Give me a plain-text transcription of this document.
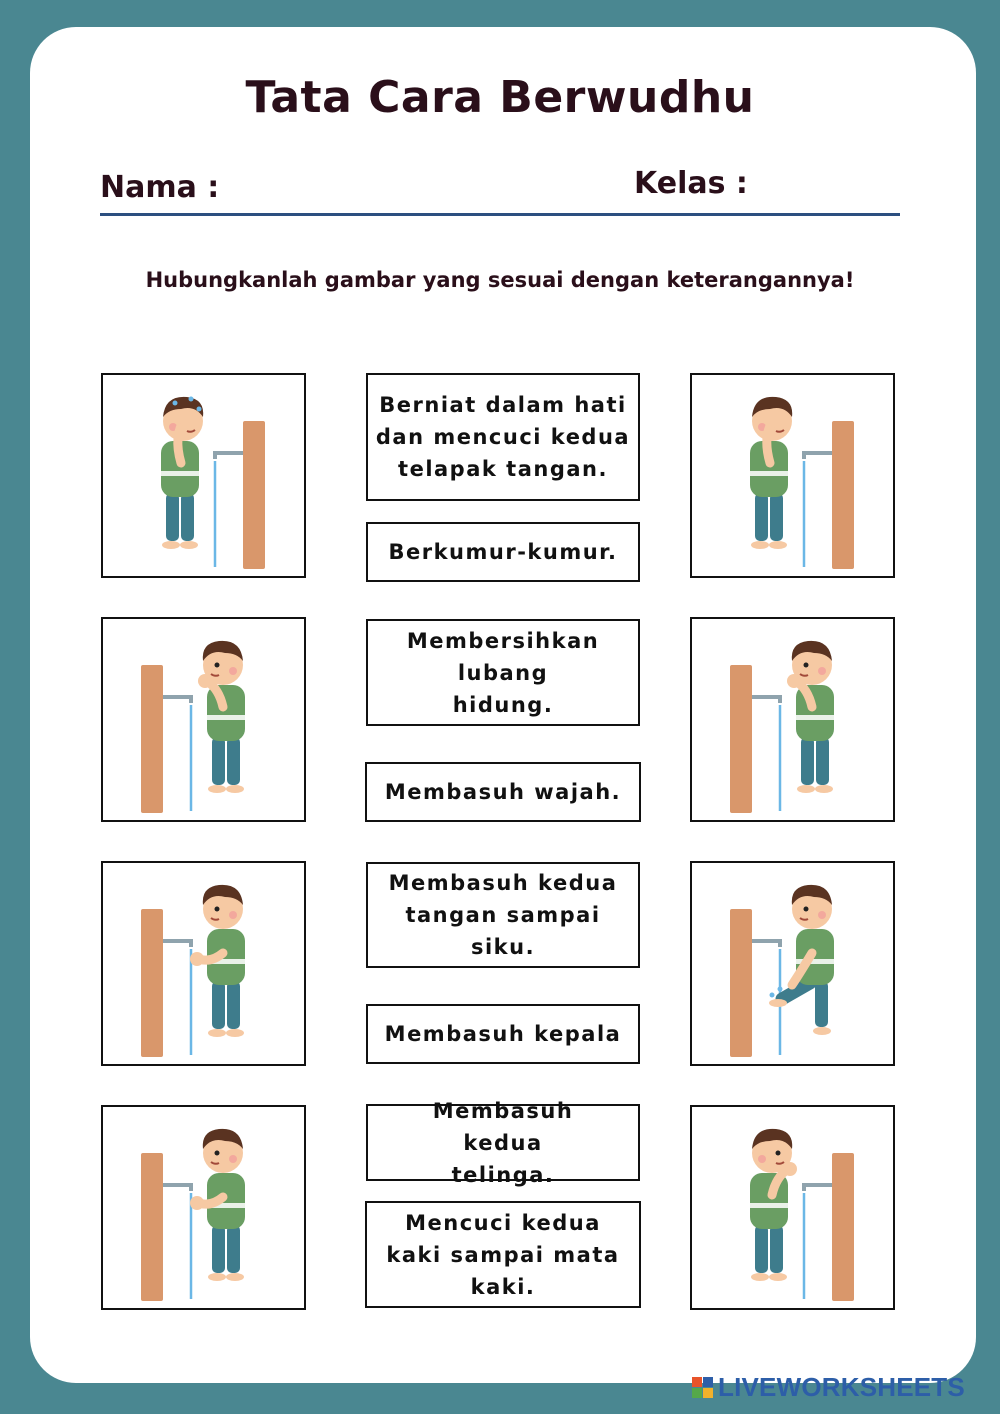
Tata Cara Berwudhu
Nama :	Kelas :
Hubungkanlah gambar yang sesuai dengan keterangannya!
Berniat dalam hati dan mencuci kedua telapak tangan.
Berkumur-kumur.
Membersihkan lubang hidung.
Membasuh wajah.
Membasuh kedua tangan sampai siku.
Membasuh kepala
Membasuh kedua telinga.
Mencuci kedua kaki sampai mata kaki.
LIVEWORKSHEETS
